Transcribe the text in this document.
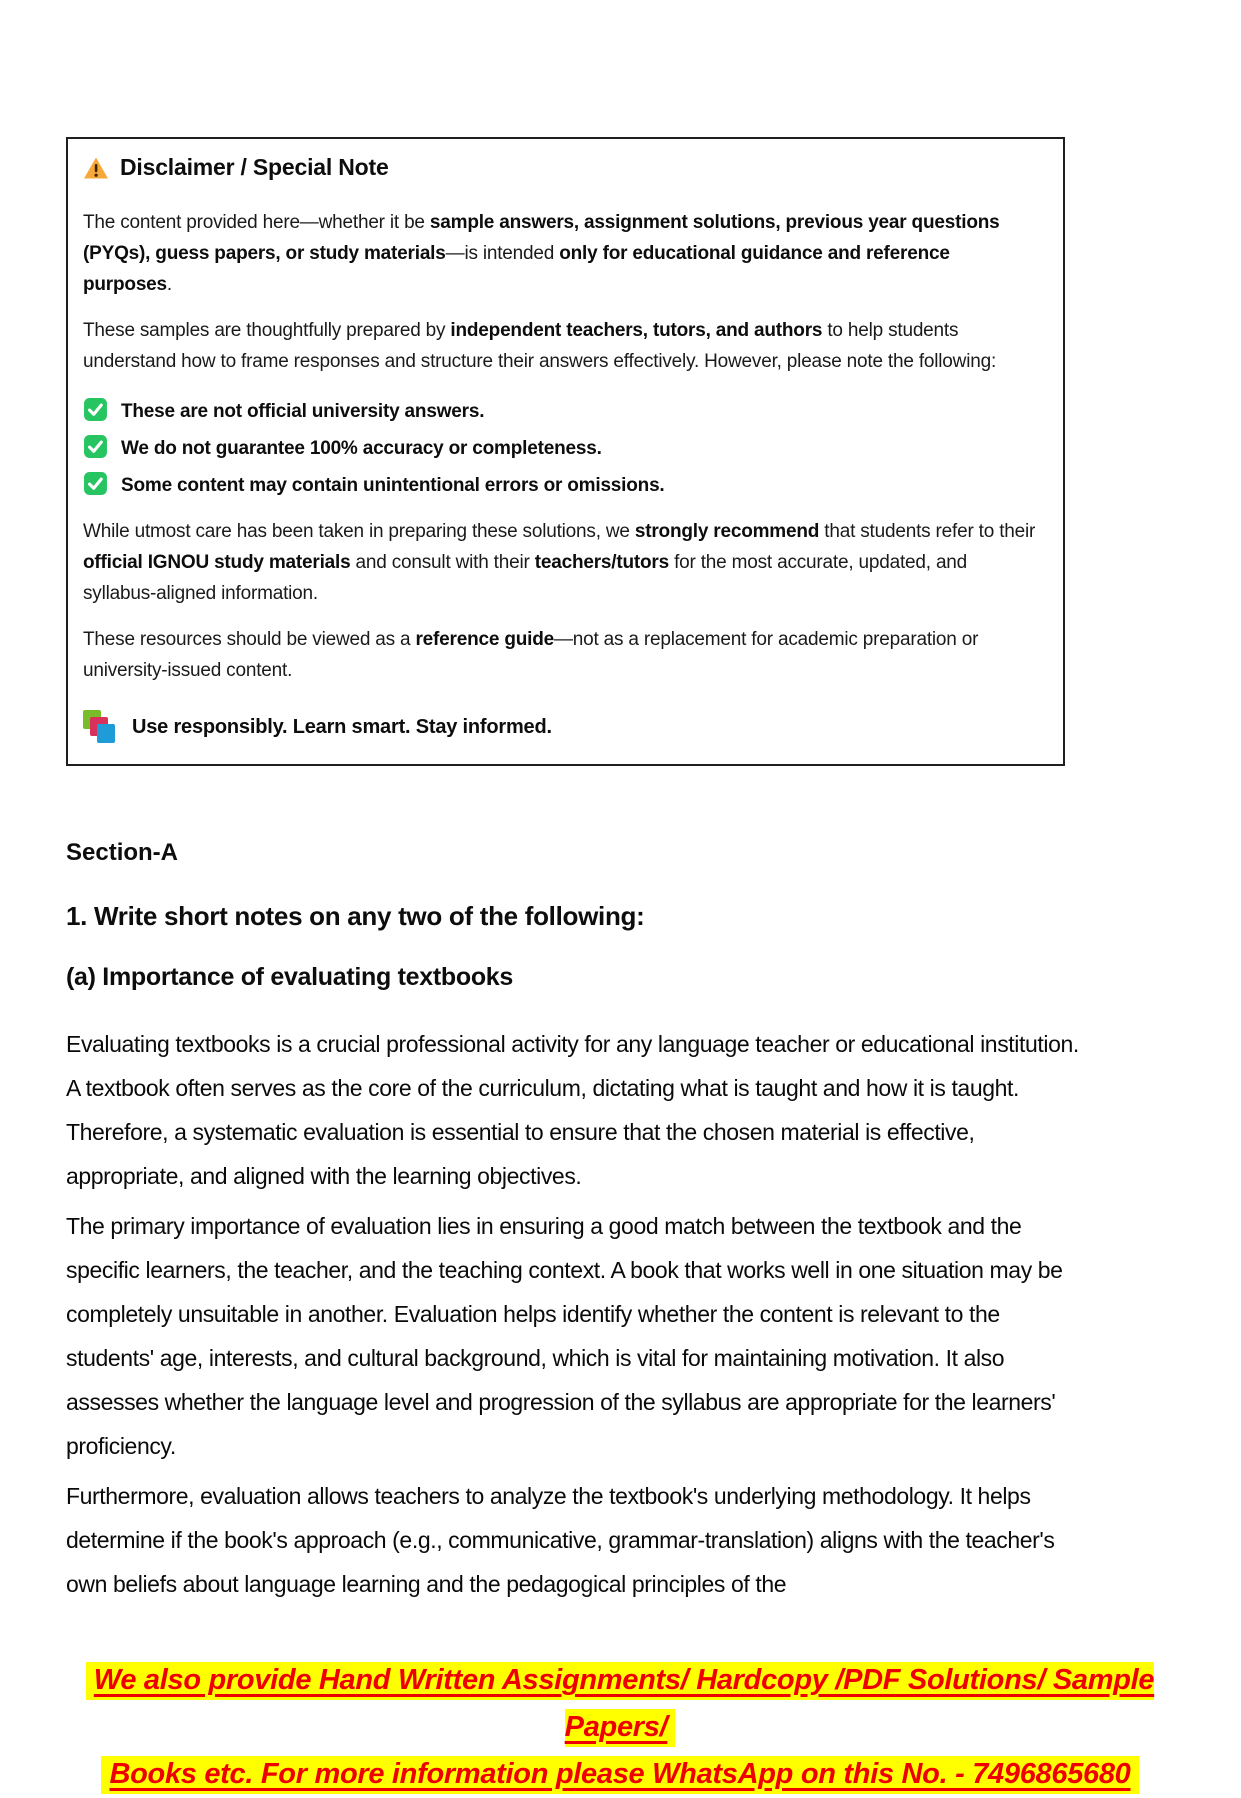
Disclaimer / Special Note
The content provided here—whether it be sample answers, assignment solutions, previous year questions (PYQs), guess papers, or study materials—is intended only for educational guidance and reference purposes.
These samples are thoughtfully prepared by independent teachers, tutors, and authors to help students understand how to frame responses and structure their answers effectively. However, please note the following:
These are not official university answers.
We do not guarantee 100% accuracy or completeness.
Some content may contain unintentional errors or omissions.
While utmost care has been taken in preparing these solutions, we strongly recommend that students refer to their official IGNOU study materials and consult with their teachers/tutors for the most accurate, updated, and syllabus-aligned information.
These resources should be viewed as a reference guide—not as a replacement for academic preparation or university-issued content.
Use responsibly. Learn smart. Stay informed.
Section-A
1. Write short notes on any two of the following:
(a) Importance of evaluating textbooks

Evaluating textbooks is a crucial professional activity for any language teacher or educational institution. A textbook often serves as the core of the curriculum, dictating what is taught and how it is taught. Therefore, a systematic evaluation is essential to ensure that the chosen material is effective, appropriate, and aligned with the learning objectives.

The primary importance of evaluation lies in ensuring a good match between the textbook and the specific learners, the teacher, and the teaching context. A book that works well in one situation may be completely unsuitable in another. Evaluation helps identify whether the content is relevant to the students' age, interests, and cultural background, which is vital for maintaining motivation. It also assesses whether the language level and progression of the syllabus are appropriate for the learners' proficiency.

Furthermore, evaluation allows teachers to analyze the textbook's underlying methodology. It helps determine if the book's approach (e.g., communicative, grammar-translation) aligns with the teacher's own beliefs about language learning and the pedagogical principles of the

We also provide Hand Written Assignments/ Hardcopy /PDF Solutions/ Sample Papers/
Books etc. For more information please WhatsApp on this No. - 7496865680
